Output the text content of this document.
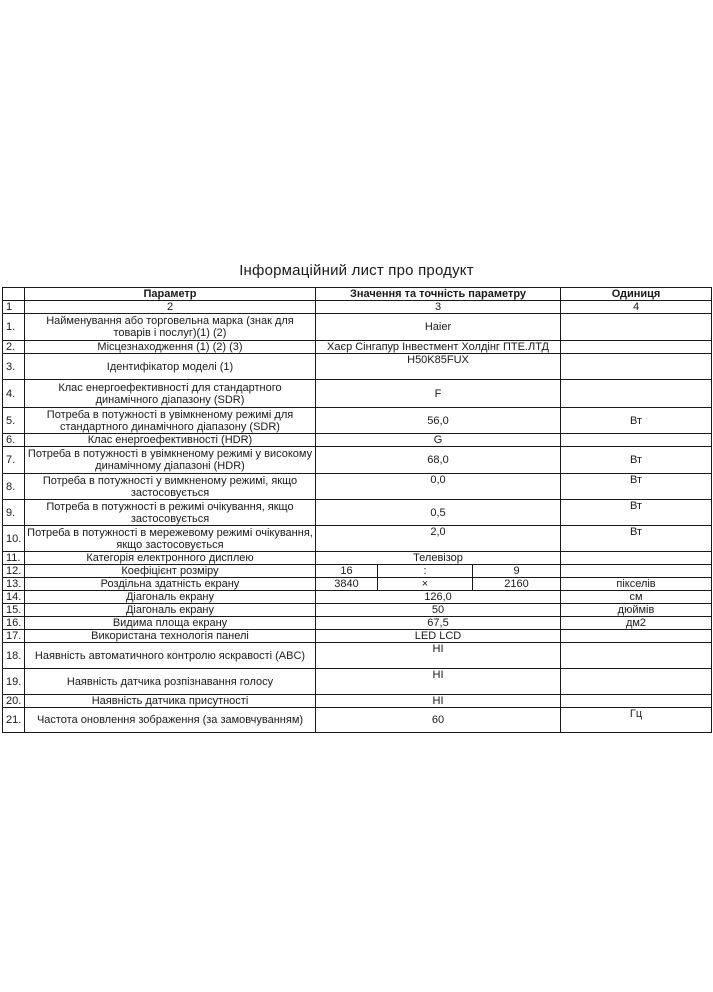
Інформаційний лист про продукт
	Параметр	Значення та точність параметру			Одиниця
1	2	3			4
1.	Найменування або торговельна марка (знак для товарів і послуг)(1) (2)	Haier			
2.	Місцезнаходження (1) (2) (3)	Хаєр Сінгапур Інвестмент Холдінг ПТЕ.ЛТД			
3.	Ідентифікатор моделі (1)	H50K85FUX			
4.	Клас енергоефективності для стандартного динамічного діапазону (SDR)	F			
5.	Потреба в потужності в увімкненому режимі для стандартного динамічного діапазону (SDR)	56,0			Вт
6.	Клас енергоефективності (HDR)	G			
7.	Потреба в потужності в увімкненому режимі у високому динамічному діапазоні (HDR)	68,0			Вт
8.	Потреба в потужності у вимкненому режимі, якщо застосовується	0,0			Вт
9.	Потреба в потужності в режимі очікування, якщо застосовується	0,5			Вт
10.	Потреба в потужності в мережевому режимі очікування, якщо застосовується	2,0			Вт
11.	Категорія електронного дисплею	Телевізор			
12.	Коефіцієнт розміру	16	:	9	
13.	Роздільна здатність екрану	3840	×	2160	пікселів
14.	Діагональ екрану	126,0			см
15.	Діагональ екрану	50			дюймів
16.	Видима площа екрану	67,5			дм2
17.	Використана технологія панелі	LED LCD			
18.	Наявність автоматичного контролю яскравості (ABC)	НІ			
19.	Наявність датчика розпізнавання голосу	НІ			
20.	Наявність датчика присутності	НІ			
21.	Частота оновлення зображення (за замовчуванням)	60			Гц
